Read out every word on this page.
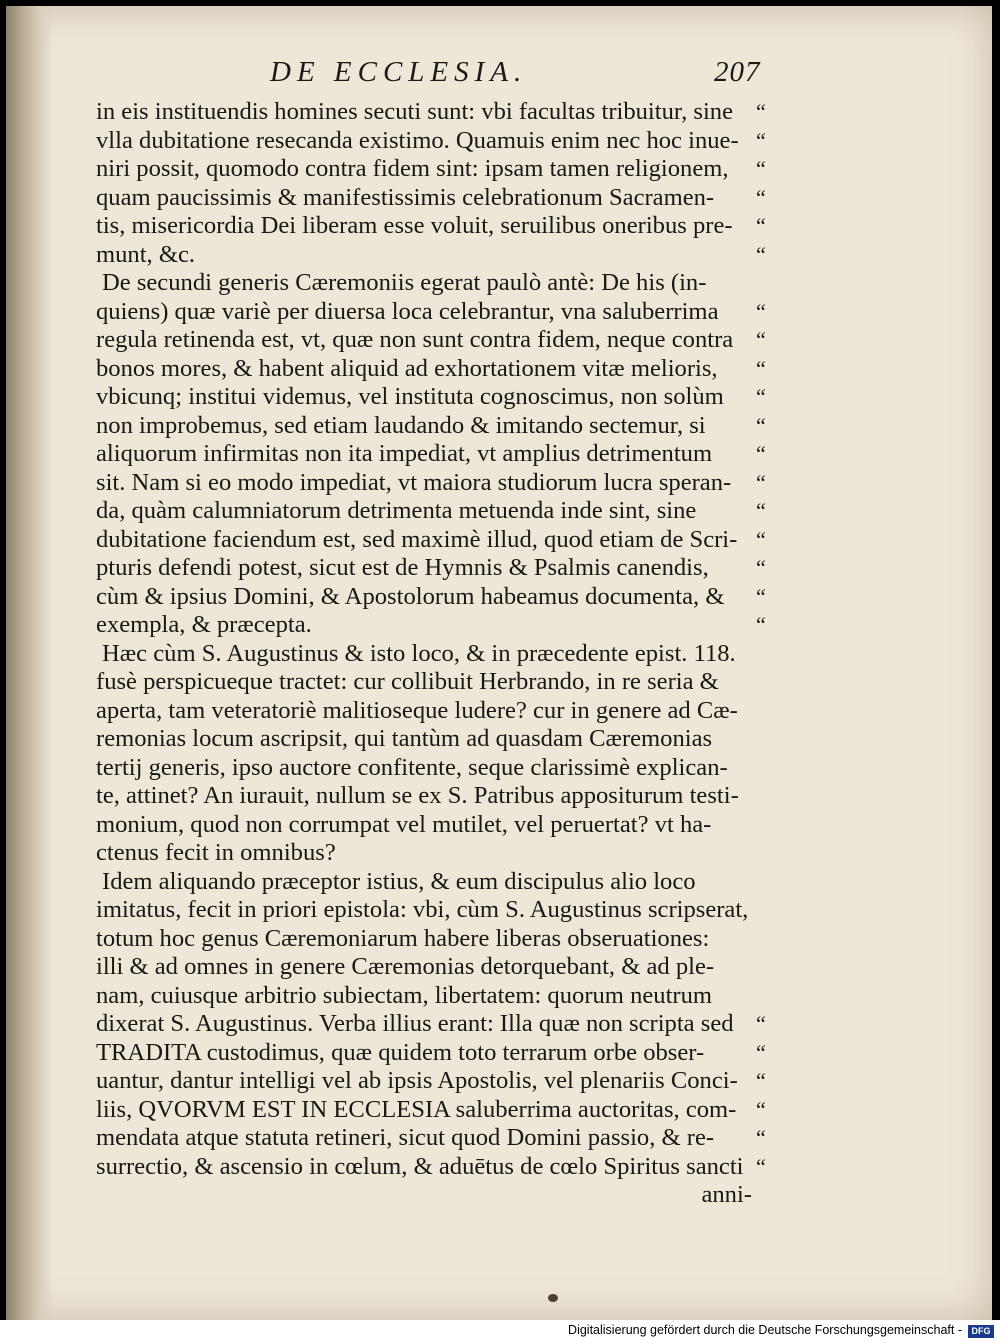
DE ECCLESIA.	207
in eis instituendis homines secuti sunt: vbi facultas tribuitur, sine
vlla dubitatione resecanda existimo. Quamuis enim nec hoc inue-
niri possit, quomodo contra fidem sint: ipsam tamen religionem,
quam paucissimis & manifestissimis celebrationum Sacramen-
tis, misericordia Dei liberam esse voluit, seruilibus oneribus pre-
munt, &c.
De secundi generis Cæremoniis egerat paulò antè: De his (in-
quiens) quæ variè per diuersa loca celebrantur, vna saluberrima
regula retinenda est, vt, quæ non sunt contra fidem, neque contra
bonos mores, & habent aliquid ad exhortationem vitæ melioris,
vbicunq; institui videmus, vel instituta cognoscimus, non solùm
non improbemus, sed etiam laudando & imitando sectemur, si
aliquorum infirmitas non ita impediat, vt amplius detrimentum
sit. Nam si eo modo impediat, vt maiora studiorum lucra speran-
da, quàm calumniatorum detrimenta metuenda inde sint, sine
dubitatione faciendum est, sed maximè illud, quod etiam de Scri-
pturis defendi potest, sicut est de Hymnis & Psalmis canendis,
cùm & ipsius Domini, & Apostolorum habeamus documenta, &
exempla, & præcepta.
Hæc cùm S. Augustinus & isto loco, & in præcedente epist. 118.
fusè perspicueque tractet: cur collibuit Herbrando, in re seria &
aperta, tam veteratoriè malitioseque ludere? cur in genere ad Cæ-
remonias locum ascripsit, qui tantùm ad quasdam Cæremonias
tertij generis, ipso auctore confitente, seque clarissimè explican-
te, attinet? An iurauit, nullum se ex S. Patribus appositurum testi-
monium, quod non corrumpat vel mutilet, vel peruertat? vt ha-
ctenus fecit in omnibus?
Idem aliquando præceptor istius, & eum discipulus alio loco
imitatus, fecit in priori epistola: vbi, cùm S. Augustinus scripserat,
totum hoc genus Cæremoniarum habere liberas obseruationes:
illi & ad omnes in genere Cæremonias detorquebant, & ad ple-
nam, cuiusque arbitrio subiectam, libertatem: quorum neutrum
dixerat S. Augustinus. Verba illius erant: Illa quæ non scripta sed
TRADITA custodimus, quæ quidem toto terrarum orbe obser-
uantur, dantur intelligi vel ab ipsis Apostolis, vel plenariis Conci-
liis, QVORVM EST IN ECCLESIA saluberrima auctoritas, com-
mendata atque statuta retineri, sicut quod Domini passio, & re-
surrectio, & ascensio in cœlum, & aduētus de cœlo Spiritus sancti
anni-
“
“
“
“
“
“
“
“
“
“
“
“
“
“
“
“
“
“
“
“
“
“
“
“
Digitalisierung gefördert durch die Deutsche Forschungsgemeinschaft -	DFG
